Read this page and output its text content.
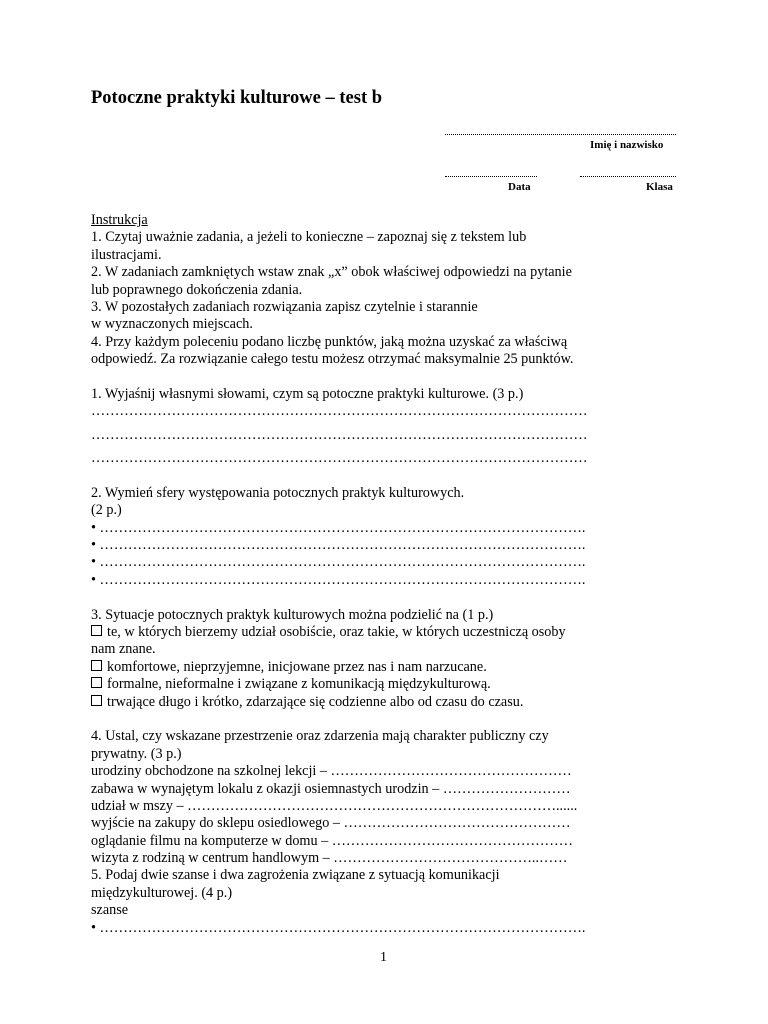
Potoczne praktyki kulturowe – test b
Imię i nazwisko
Data	Klasa
Instrukcja
1. Czytaj uważnie zadania, a jeżeli to konieczne – zapoznaj się z tekstem lub
ilustracjami.
2. W zadaniach zamkniętych wstaw znak „x” obok właściwej odpowiedzi na pytanie
lub poprawnego dokończenia zdania.
3. W pozostałych zadaniach rozwiązania zapisz czytelnie i starannie
w wyznaczonych miejscach.
4. Przy każdym poleceniu podano liczbę punktów, jaką można uzyskać za właściwą
odpowiedź. Za rozwiązanie całego testu możesz otrzymać maksymalnie 25 punktów.
1. Wyjaśnij własnymi słowami, czym są potoczne praktyki kulturowe. (3 p.)
……………………………………………………………………………………………
……………………………………………………………………………………………
……………………………………………………………………………………………
2. Wymień sfery występowania potocznych praktyk kulturowych.
(2 p.)
• ………………………………………………………………………………………….
• ………………………………………………………………………………………….
• ………………………………………………………………………………………….
• ………………………………………………………………………………………….
3. Sytuacje potocznych praktyk kulturowych można podzielić na (1 p.)
te, w których bierzemy udział osobiście, oraz takie, w których uczestniczą osoby
nam znane.
komfortowe, nieprzyjemne, inicjowane przez nas i nam narzucane.
formalne, nieformalne i związane z komunikacją międzykulturową.
trwające długo i krótko, zdarzające się codzienne albo od czasu do czasu.
4. Ustal, czy wskazane przestrzenie oraz zdarzenia mają charakter publiczny czy
prywatny. (3 p.)
urodziny obchodzone na szkolnej lekcji – ……………………………………………
zabawa w wynajętym lokalu z okazji osiemnastych urodzin – ………………………
udział w mszy – ……………………………………………………………………......
wyjście na zakupy do sklepu osiedlowego – …………………………………………
oglądanie filmu na komputerze w domu – ……………………………………………
wizyta z rodziną w centrum handlowym – ……………………………………..……
5. Podaj dwie szanse i dwa zagrożenia związane z sytuacją komunikacji
międzykulturowej. (4 p.)
szanse
• ………………………………………………………………………………………….
1
